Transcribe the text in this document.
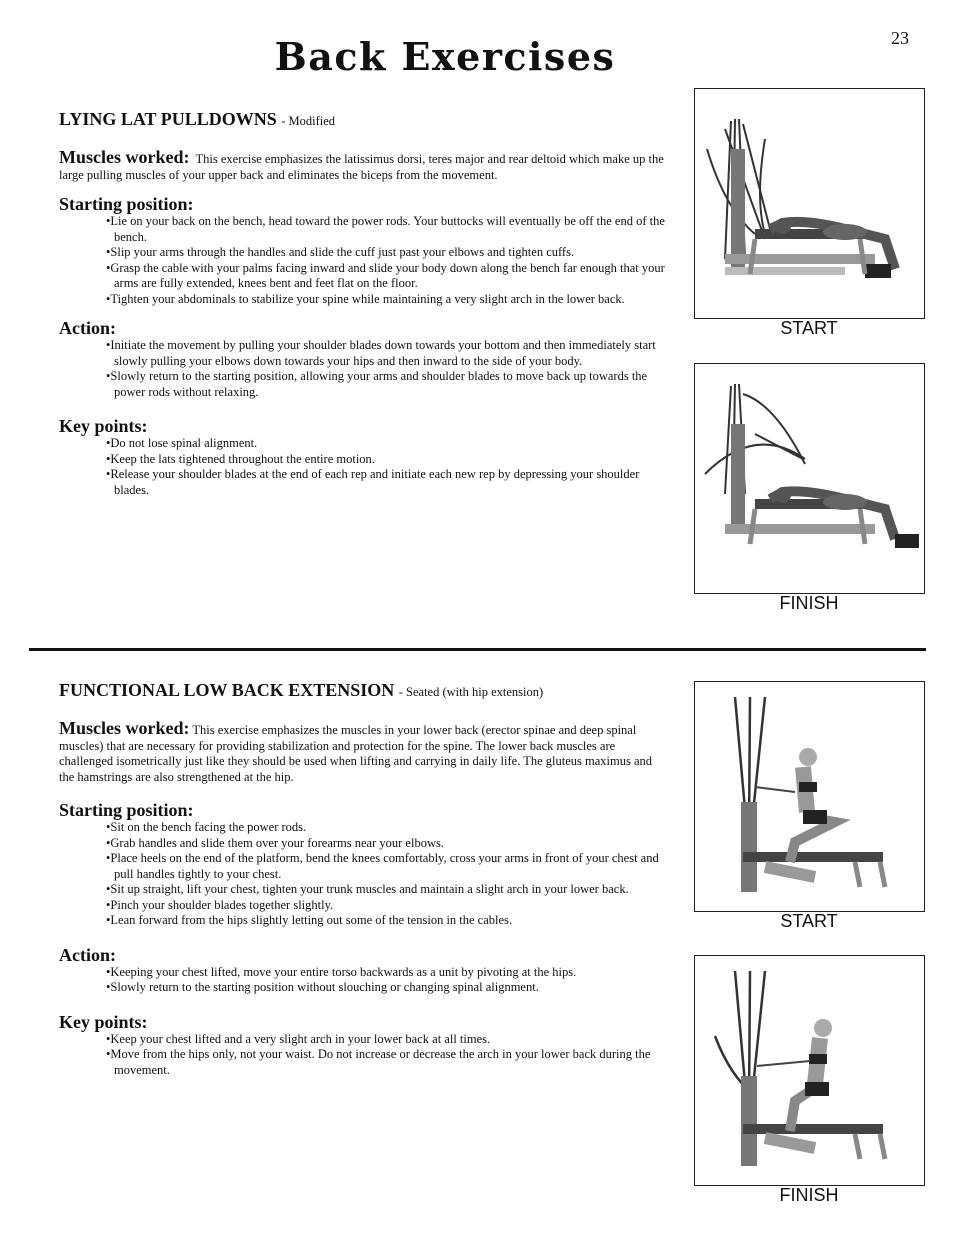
23
Back Exercises

LYING LAT PULLDOWNS - Modified

Muscles worked: This exercise emphasizes the latissimus dorsi, teres major and rear deltoid which make up the large pulling muscles of your upper back and eliminates the biceps from the movement.

Starting position:

• Lie on your back on the bench, head toward the power rods. Your buttocks will eventually be off the end of the bench.
• Slip your arms through the handles and slide the cuff just past your elbows and tighten cuffs.
• Grasp the cable with your palms facing inward and slide your body down along the bench far enough that your arms are fully extended, knees bent and feet flat on the floor.
• Tighten your abdominals to stabilize your spine while maintaining a very slight arch in the lower back.

Action:

• Initiate the movement by pulling your shoulder blades down towards your bottom and then immediately start slowly pulling your elbows down towards your hips and then inward to the side of your body.
• Slowly return to the starting position, allowing your arms and shoulder blades to move back up towards the power rods without relaxing.

Key points:

• Do not lose spinal alignment.
• Keep the lats tightened throughout the entire motion.
• Release your shoulder blades at the end of each rep and initiate each new rep by depressing your shoulder blades.
START
FINISH

FUNCTIONAL LOW BACK EXTENSION - Seated (with hip extension)

Muscles worked: This exercise emphasizes the muscles in your lower back (erector spinae and deep spinal muscles) that are necessary for providing stabilization and protection for the spine. The lower back muscles are challenged isometrically just like they should be used when lifting and carrying in daily life. The gluteus maximus and the hamstrings are also strengthened at the hip.

Starting position:

• Sit on the bench facing the power rods.
• Grab handles and slide them over your forearms near your elbows.
• Place heels on the end of the platform, bend the knees comfortably, cross your arms in front of your chest and pull handles tightly to your chest.
• Sit up straight, lift your chest, tighten your trunk muscles and maintain a slight arch in your lower back.
• Pinch your shoulder blades together slightly.
• Lean forward from the hips slightly letting out some of the tension in the cables.

Action:

• Keeping your chest lifted, move your entire torso backwards as a unit by pivoting at the hips.
• Slowly return to the starting position without slouching or changing spinal alignment.

Key points:

• Keep your chest lifted and a very slight arch in your lower back at all times.
• Move from the hips only, not your waist. Do not increase or decrease the arch in your lower back during the movement.
START
FINISH
